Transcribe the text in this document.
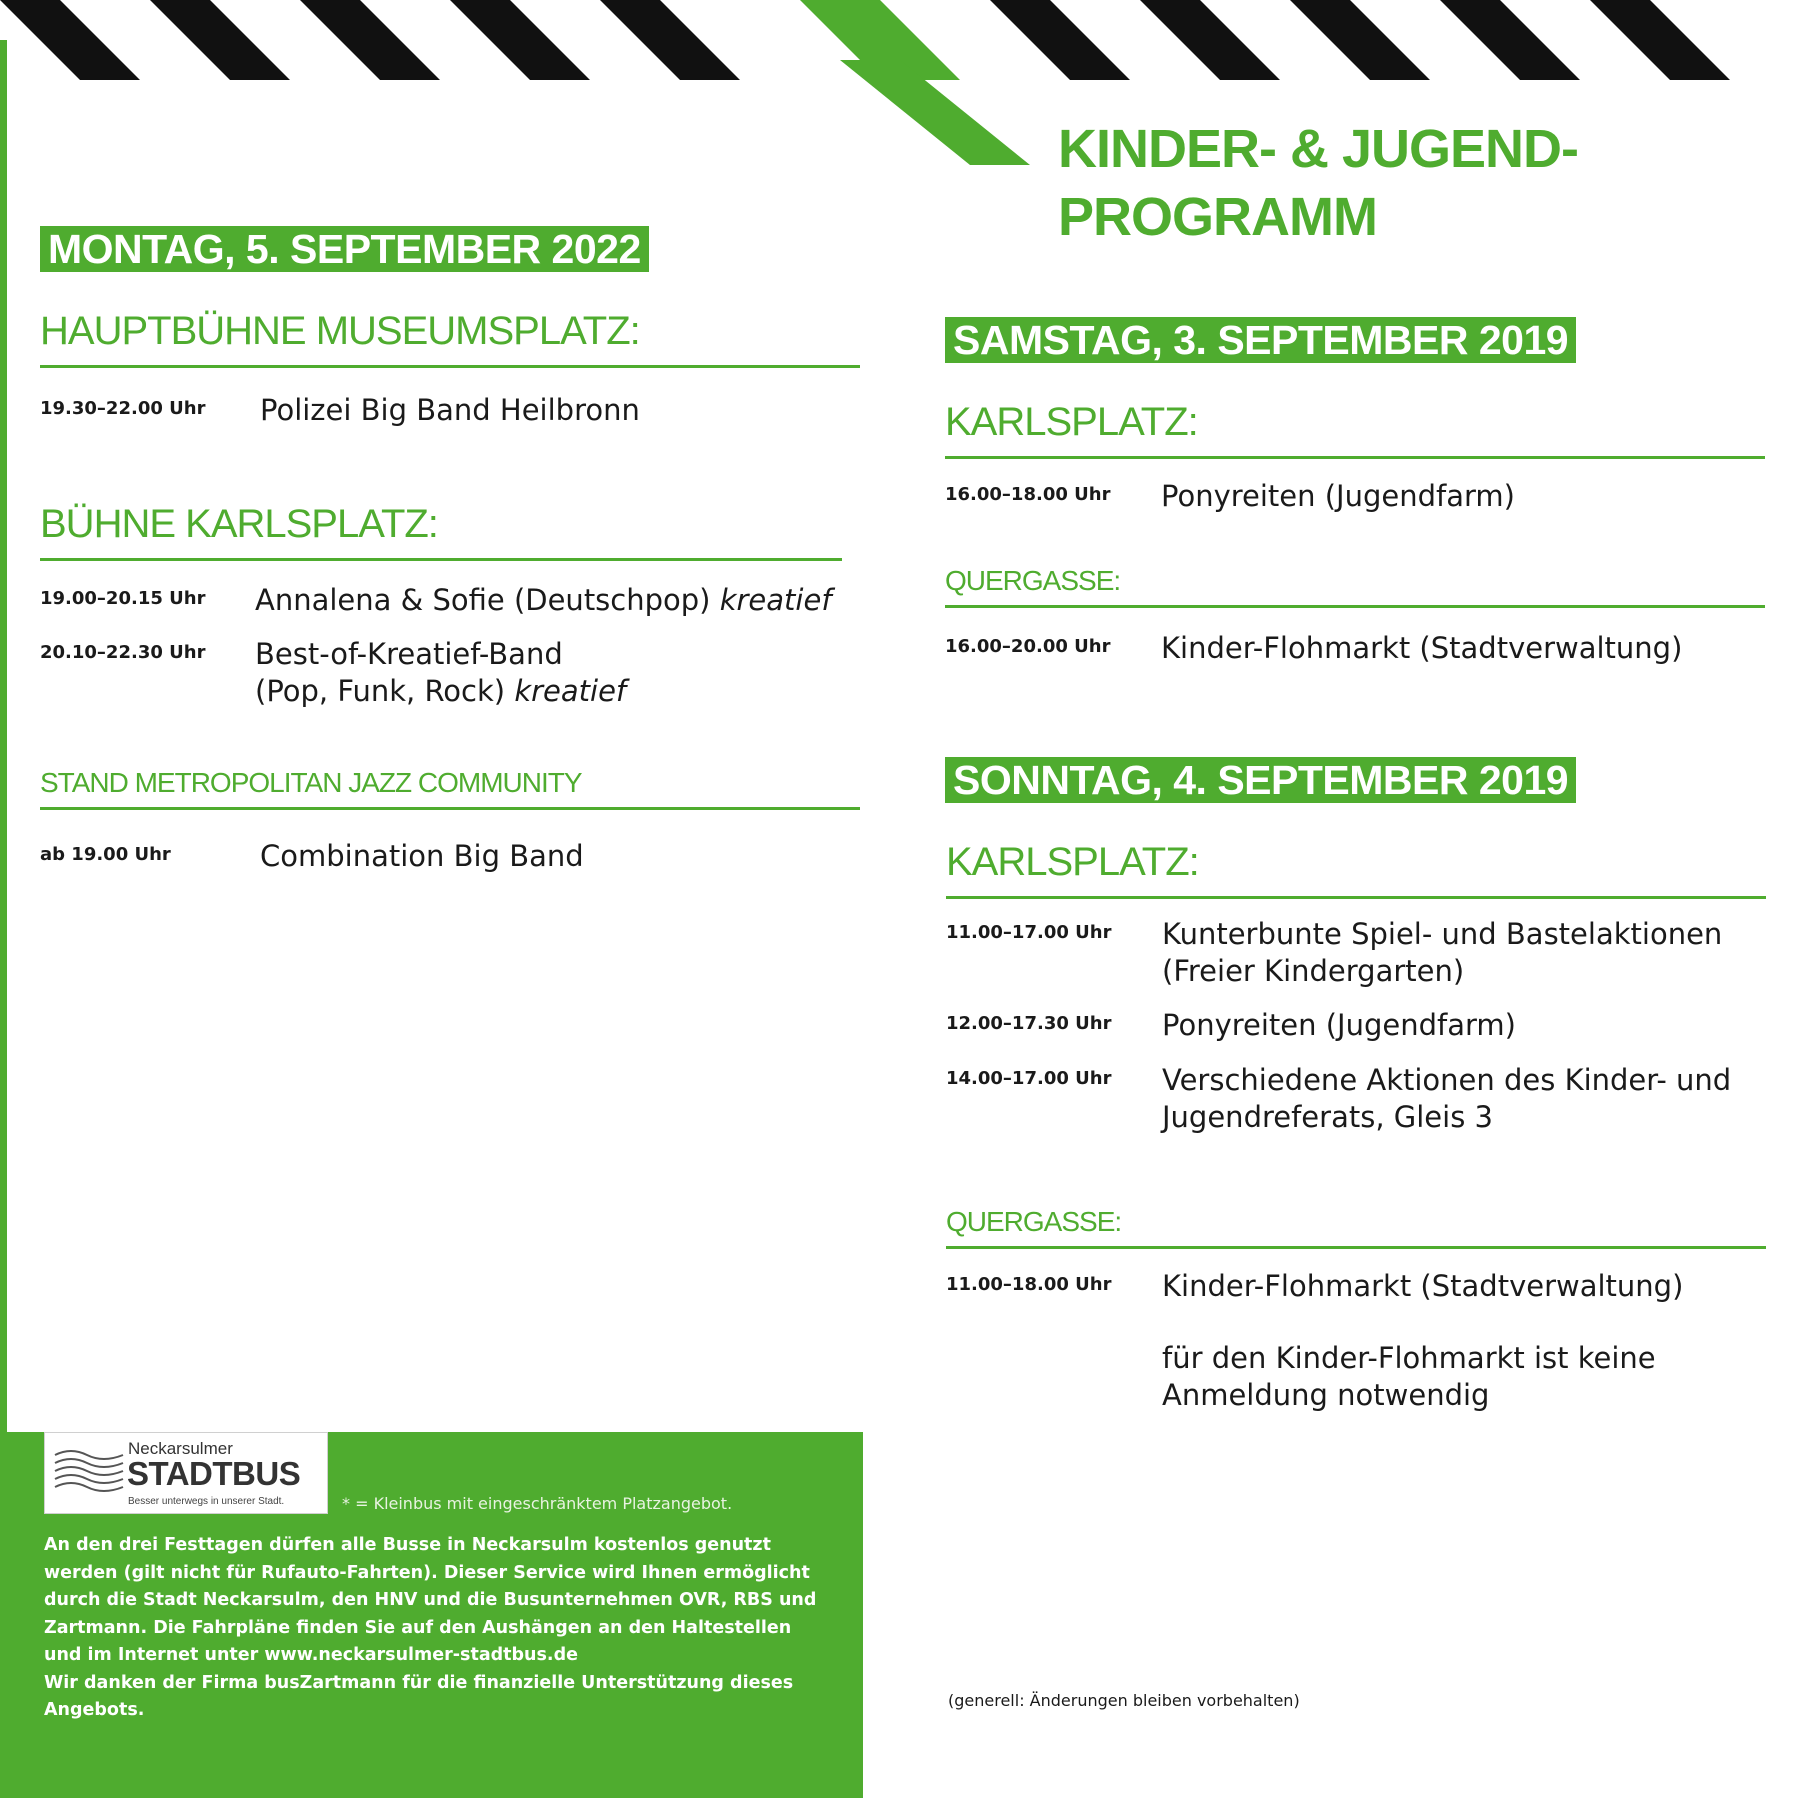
KINDER- & JUGEND-
PROGRAMM
MONTAG, 5. SEPTEMBER 2022
HAUPTBÜHNE MUSEUMSPLATZ:
19.30–22.00 Uhr Polizei Big Band Heilbronn
BÜHNE KARLSPLATZ:
19.00–20.15 Uhr Annalena & Sofie (Deutschpop) kreatief
20.10–22.30 Uhr Best-of-Kreatief-Band
(Pop, Funk, Rock) kreatief
STAND METROPOLITAN JAZZ COMMUNITY
ab 19.00 Uhr	Combination Big Band
SAMSTAG, 3. SEPTEMBER 2019
KARLSPLATZ:
16.00–18.00 Uhr Ponyreiten (Jugendfarm)
QUERGASSE:
16.00–20.00 Uhr Kinder-Flohmarkt (Stadtverwaltung)
SONNTAG, 4. SEPTEMBER 2019
KARLSPLATZ:
11.00–17.00 Uhr Kunterbunte Spiel- und Bastelaktionen
(Freier Kindergarten)
12.00–17.30 Uhr Ponyreiten (Jugendfarm)
14.00–17.00 Uhr Verschiedene Aktionen des Kinder- und
Jugendreferats, Gleis 3
QUERGASSE:
11.00–18.00 Uhr Kinder-Flohmarkt (Stadtverwaltung)
für den Kinder-Flohmarkt ist keine
Anmeldung notwendig
(generell: Änderungen bleiben vorbehalten)
Neckarsulmer
STADTBUS
Besser unterwegs in unserer Stadt.	* = Kleinbus mit eingeschränktem Platzangebot.
An den drei Festtagen dürfen alle Busse in Neckarsulm kostenlos genutzt
werden (gilt nicht für Rufauto-Fahrten). Dieser Service wird Ihnen ermöglicht
durch die Stadt Neckarsulm, den HNV und die Busunternehmen OVR, RBS und
Zartmann. Die Fahrpläne finden Sie auf den Aushängen an den Haltestellen
und im Internet unter www.neckarsulmer-stadtbus.de
Wir danken der Firma busZartmann für die finanzielle Unterstützung dieses
Angebots.
